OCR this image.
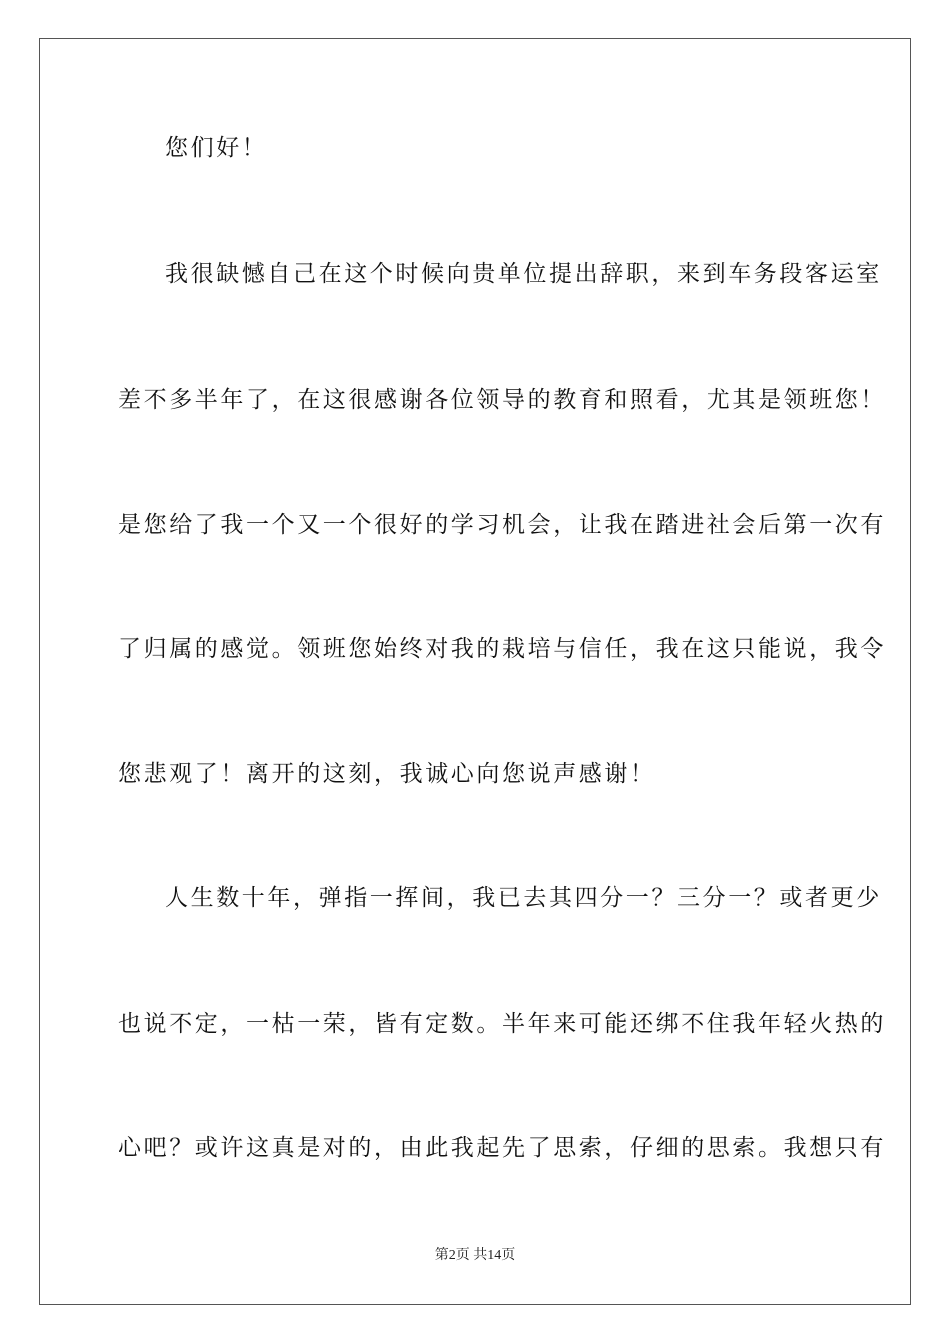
您们好！
我很缺憾自己在这个时候向贵单位提出辞职，来到车务段客运室
差不多半年了，在这很感谢各位领导的教育和照看，尤其是领班您！
是您给了我一个又一个很好的学习机会，让我在踏进社会后第一次有
了归属的感觉。领班您始终对我的栽培与信任，我在这只能说，我令
您悲观了！离开的这刻，我诚心向您说声感谢！
人生数十年，弹指一挥间，我已去其四分一？三分一？或者更少
也说不定，一枯一荣，皆有定数。半年来可能还绑不住我年轻火热的
心吧？或许这真是对的，由此我起先了思索，仔细的思索。我想只有
第2页 共14页
